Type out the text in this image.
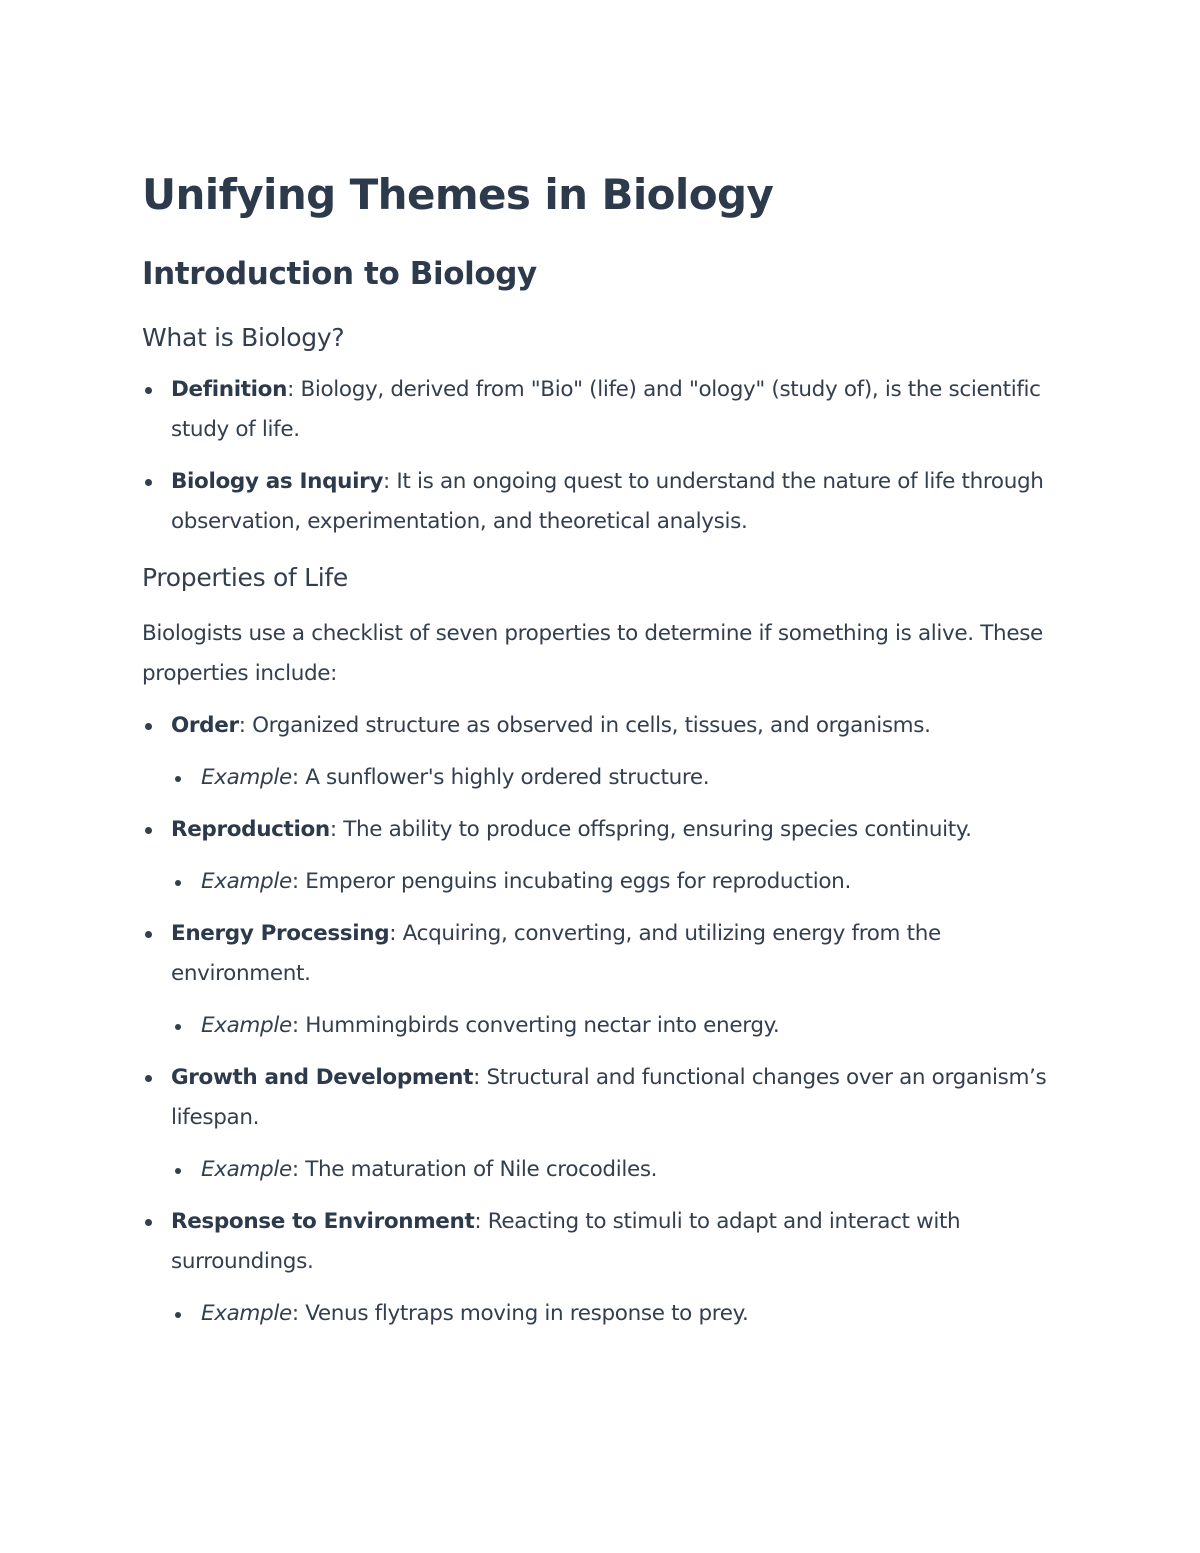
Unifying Themes in Biology
Introduction to Biology
What is Biology?
Definition: Biology, derived from "Bio" (life) and "ology" (study of), is the scientific study of life.
Biology as Inquiry: It is an ongoing quest to understand the nature of life through observation, experimentation, and theoretical analysis.
Properties of Life

Biologists use a checklist of seven properties to determine if something is alive. These properties include:

Order: Organized structure as observed in cells, tissues, and organisms.
Example: A sunflower's highly ordered structure.
Reproduction: The ability to produce offspring, ensuring species continuity.
Example: Emperor penguins incubating eggs for reproduction.
Energy Processing: Acquiring, converting, and utilizing energy from the environment.
Example: Hummingbirds converting nectar into energy.
Growth and Development: Structural and functional changes over an organism’s lifespan.
Example: The maturation of Nile crocodiles.
Response to Environment: Reacting to stimuli to adapt and interact with surroundings.
Example: Venus flytraps moving in response to prey.
